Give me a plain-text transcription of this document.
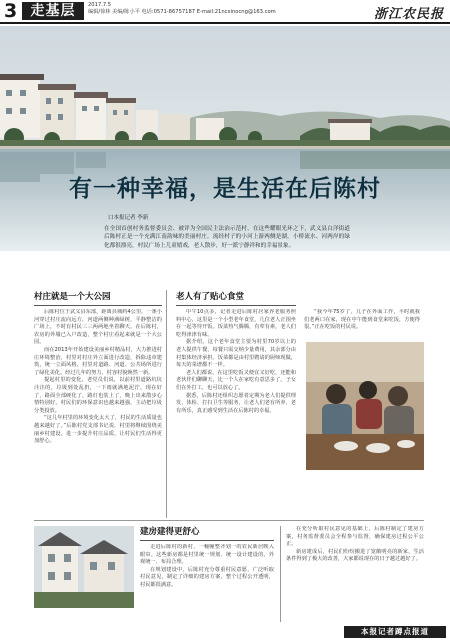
3 走基层	2017.7.5
编辑/徐林 美编/陈小平 电话:0571-86757187 E-mail:21ncxinocng@163.com	浙江农民报
有一种幸福，是生活在后陈村
口本报记者 李新
在全国首创村务监督委员会、被评为全国民主法治示范村、在这些耀眼光环之下，武义县白洋街道后陈村正是一个充满江南韵味的美丽村庄。流经村子的小河上游两侧是湖，小桥流水、河两岸的绿化都很漂亮，村民广场上儿童嬉戏，老人散步，好一派宁静祥和的幸福景象。
村庄就是一个大公园

后陈村位于武义县东部，距离县城约4公里，一条小河穿过村庄流向远方，河道两侧种满绿树，平静整洁的广场上，不时有村民三三两两地坐着聊天。在后陈村，农房的外墙已入户改造，整个村庄看起来就是一个大公园。

而在2013年开始建设美丽乡村精品村，大力推进村庄环境整治，村里对村庄外立面进行改造，拆除违章建筑，统一立面风格，村里对道路、河道、公共场所进行了绿化美化。经过几年的努力，村容村貌焕然一新。

提起村里的变化，老党员们说，以前村里道路坑坑洼洼的，垃圾到处乱扔，一下雨就满地泥泞。现在好了，路面全部硬化了，路灯也装上了，晚上出来散步心情特别好。村民们的环保意识也越来越强，主动把垃圾分类投放。

“这几年村里的环境变化太大了，村民的生活质量也越来越好了。”后陈村党支部书记说，村里将继续围绕美丽乡村建设，进一步提升村庄品质，让村民们生活得更加舒心。

老人有了贴心食堂

中午10点多，记者走进后陈村居家养老服务照料中心，这里是一个小型老年食堂，几位老人正围坐在一起等待开饭。饭菜热气腾腾，有荤有素，老人们吃得津津有味。

据介绍，这个老年食堂主要为村里70岁以上的老人提供午餐，每餐只需交纳少量费用，其余部分由村集体经济承担。饭菜都是由村里聘请的厨师现做，每天的菜谱都不一样。

老人们都说，在这里吃饭又便宜又好吃，还能和老伙伴们聊聊天，比一个人在家吃有意思多了。子女们在外打工，也可以放心了。

据悉，后陈村还组织志愿者定期为老人们提供理发、体检、打扫卫生等服务，让老人们老有所养、老有所乐，真正感受到生活在后陈村的幸福。

“我今年75岁了，儿子在外面工作，平时就我们老两口在家，现在中午能到食堂来吃饭，方便得很。”正在吃饭的村民说。

建房建得更舒心

走进后陈村的新村，一幢幢整齐划一的农民新居映入眼帘。这些新房都是村里统一规划、统一设计建设的，外观统一、布局合理。

在规划建设中，后陈村充分尊重村民意愿，广泛听取村民意见，制定了详细的建房方案，整个过程公开透明，村民都很满意。

在充分听取村民意见的基础上，后陈村制定了建房方案，村务监督委员会全程参与监督，确保建房过程公平公正。

新房建成后，村民们纷纷搬进了宽敞明亮的新家，生活条件得到了极大的改善，大家都说现在的日子越过越好了。

本报记者蹲点报道
